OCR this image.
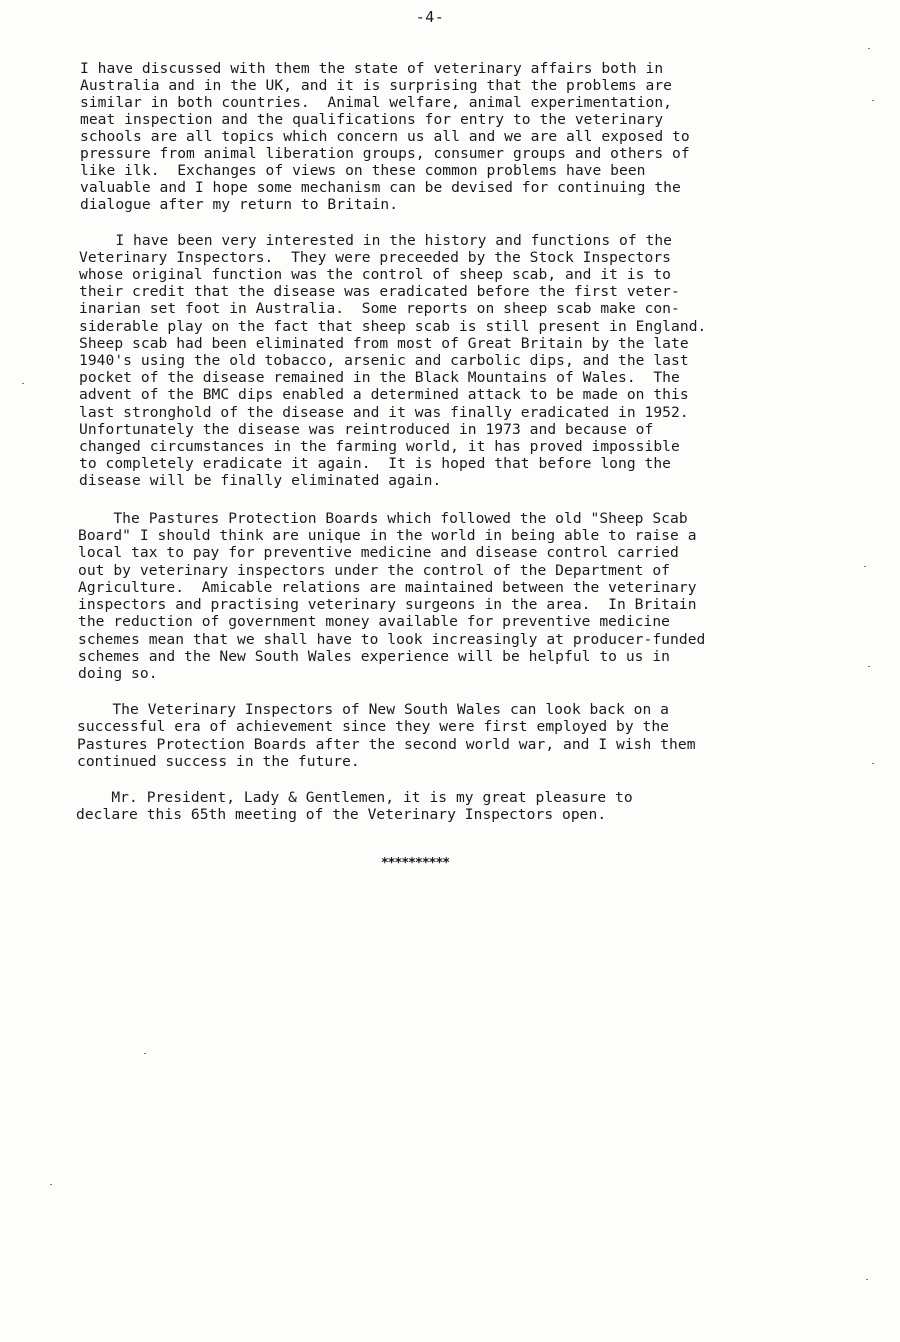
-4-
I have discussed with them the state of veterinary affairs both in
Australia and in the UK, and it is surprising that the problems are
similar in both countries.  Animal welfare, animal experimentation,
meat inspection and the qualifications for entry to the veterinary
schools are all topics which concern us all and we are all exposed to
pressure from animal liberation groups, consumer groups and others of
like ilk.  Exchanges of views on these common problems have been
valuable and I hope some mechanism can be devised for continuing the
dialogue after my return to Britain.
I have been very interested in the history and functions of the
Veterinary Inspectors.  They were preceeded by the Stock Inspectors
whose original function was the control of sheep scab, and it is to
their credit that the disease was eradicated before the first veter-
inarian set foot in Australia.  Some reports on sheep scab make con-
siderable play on the fact that sheep scab is still present in England.
Sheep scab had been eliminated from most of Great Britain by the late
1940's using the old tobacco, arsenic and carbolic dips, and the last
pocket of the disease remained in the Black Mountains of Wales.  The
advent of the BMC dips enabled a determined attack to be made on this
last stronghold of the disease and it was finally eradicated in 1952.
Unfortunately the disease was reintroduced in 1973 and because of
changed circumstances in the farming world, it has proved impossible
to completely eradicate it again.  It is hoped that before long the
disease will be finally eliminated again.
The Pastures Protection Boards which followed the old "Sheep Scab
Board" I should think are unique in the world in being able to raise a
local tax to pay for preventive medicine and disease control carried
out by veterinary inspectors under the control of the Department of
Agriculture.  Amicable relations are maintained between the veterinary
inspectors and practising veterinary surgeons in the area.  In Britain
the reduction of government money available for preventive medicine
schemes mean that we shall have to look increasingly at producer-funded
schemes and the New South Wales experience will be helpful to us in
doing so.
The Veterinary Inspectors of New South Wales can look back on a
successful era of achievement since they were first employed by the
Pastures Protection Boards after the second world war, and I wish them
continued success in the future.
Mr. President, Lady & Gentlemen, it is my great pleasure to
declare this 65th meeting of the Veterinary Inspectors open.
**********
